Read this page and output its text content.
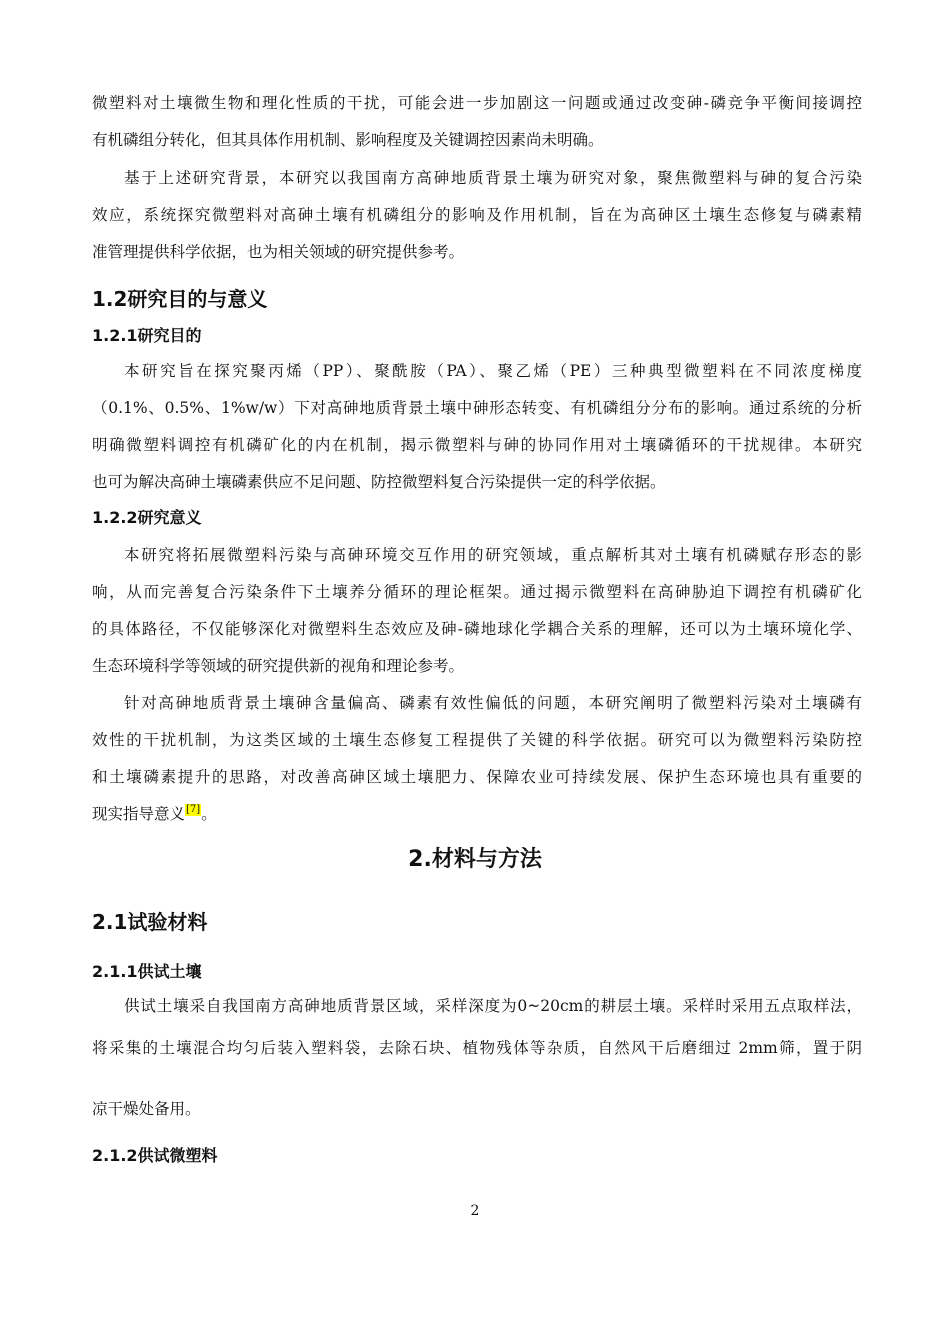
微塑料对土壤微生物和理化性质的干扰，可能会进一步加剧这一问题或通过改变砷-磷竞争平衡间接调控
有机磷组分转化，但其具体作用机制、影响程度及关键调控因素尚未明确。
基于上述研究背景，本研究以我国南方高砷地质背景土壤为研究对象，聚焦微塑料与砷的复合污染
效应，系统探究微塑料对高砷土壤有机磷组分的影响及作用机制，旨在为高砷区土壤生态修复与磷素精
准管理提供科学依据，也为相关领域的研究提供参考。
1.2研究目的与意义
1.2.1研究目的
本研究旨在探究聚丙烯（PP）、聚酰胺（PA）、聚乙烯（PE）三种典型微塑料在不同浓度梯度
（0.1%、0.5%、1%w/w）下对高砷地质背景土壤中砷形态转变、有机磷组分分布的影响。通过系统的分析
明确微塑料调控有机磷矿化的内在机制，揭示微塑料与砷的协同作用对土壤磷循环的干扰规律。本研究
也可为解决高砷土壤磷素供应不足问题、防控微塑料复合污染提供一定的科学依据。
1.2.2研究意义
本研究将拓展微塑料污染与高砷环境交互作用的研究领域，重点解析其对土壤有机磷赋存形态的影
响，从而完善复合污染条件下土壤养分循环的理论框架。通过揭示微塑料在高砷胁迫下调控有机磷矿化
的具体路径，不仅能够深化对微塑料生态效应及砷-磷地球化学耦合关系的理解，还可以为土壤环境化学、
生态环境科学等领域的研究提供新的视角和理论参考。
针对高砷地质背景土壤砷含量偏高、磷素有效性偏低的问题，本研究阐明了微塑料污染对土壤磷有
效性的干扰机制，为这类区域的土壤生态修复工程提供了关键的科学依据。研究可以为微塑料污染防控
和土壤磷素提升的思路，对改善高砷区域土壤肥力、保障农业可持续发展、保护生态环境也具有重要的
现实指导意义[7]。
2.材料与方法
2.1试验材料
2.1.1供试土壤
供试土壤采自我国南方高砷地质背景区域，采样深度为0~20cm的耕层土壤。采样时采用五点取样法，
将采集的土壤混合均匀后装入塑料袋，去除石块、植物残体等杂质，自然风干后磨细过 2mm筛，置于阴
凉干燥处备用。
2.1.2供试微塑料
2
